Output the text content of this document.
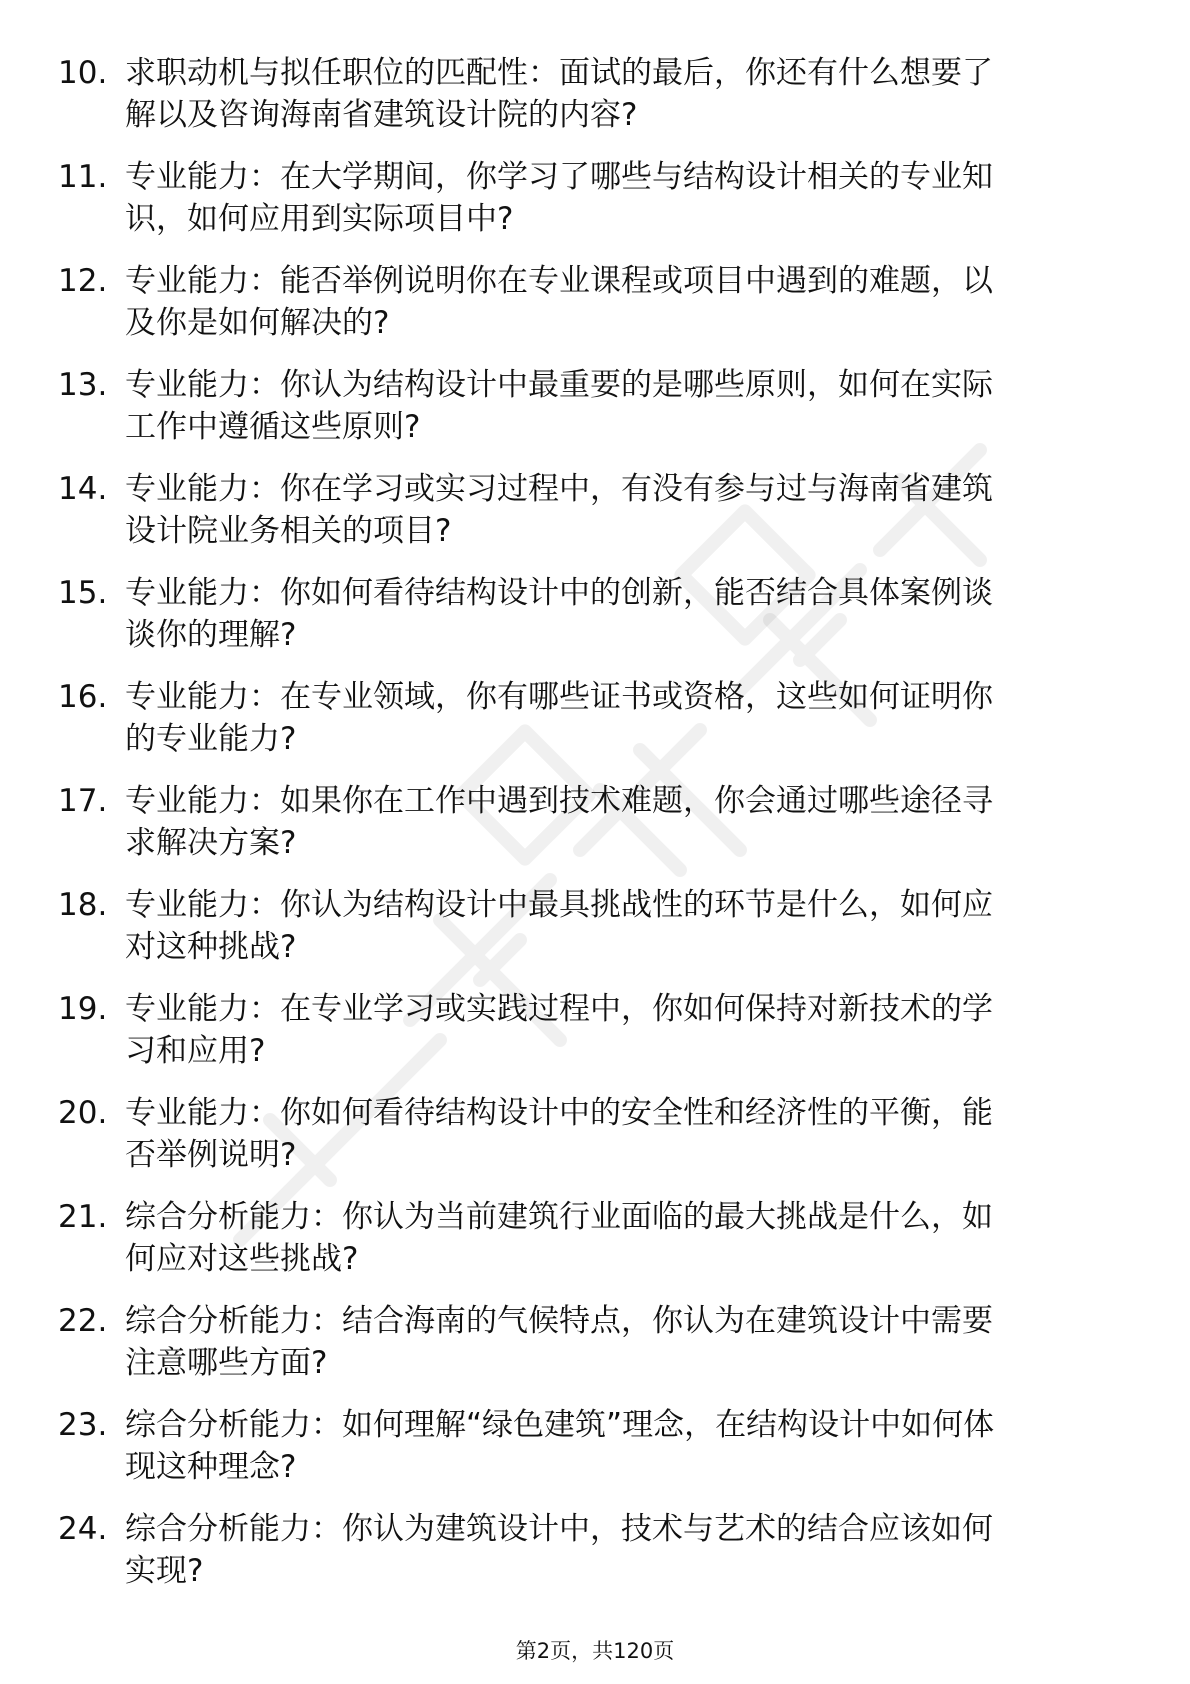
10. 求职动机与拟任职位的匹配性：面试的最后，你还有什么想要了
解以及咨询海南省建筑设计院的内容?
11. 专业能力：在大学期间，你学习了哪些与结构设计相关的专业知
识，如何应用到实际项目中?
12. 专业能力：能否举例说明你在专业课程或项目中遇到的难题，以
及你是如何解决的?
13. 专业能力：你认为结构设计中最重要的是哪些原则，如何在实际
工作中遵循这些原则?
14. 专业能力：你在学习或实习过程中，有没有参与过与海南省建筑
设计院业务相关的项目?
15. 专业能力：你如何看待结构设计中的创新，能否结合具体案例谈
谈你的理解?
16. 专业能力：在专业领域，你有哪些证书或资格，这些如何证明你
的专业能力?
17. 专业能力：如果你在工作中遇到技术难题，你会通过哪些途径寻
求解决方案?
18. 专业能力：你认为结构设计中最具挑战性的环节是什么，如何应
对这种挑战?
19. 专业能力：在专业学习或实践过程中，你如何保持对新技术的学
习和应用?
20. 专业能力：你如何看待结构设计中的安全性和经济性的平衡，能
否举例说明?
21. 综合分析能力：你认为当前建筑行业面临的最大挑战是什么，如
何应对这些挑战?
22. 综合分析能力：结合海南的气候特点，你认为在建筑设计中需要
注意哪些方面?
23. 综合分析能力：如何理解“绿色建筑”理念，在结构设计中如何体
现这种理念?
24. 综合分析能力：你认为建筑设计中，技术与艺术的结合应该如何
实现?
第2页，共120页
